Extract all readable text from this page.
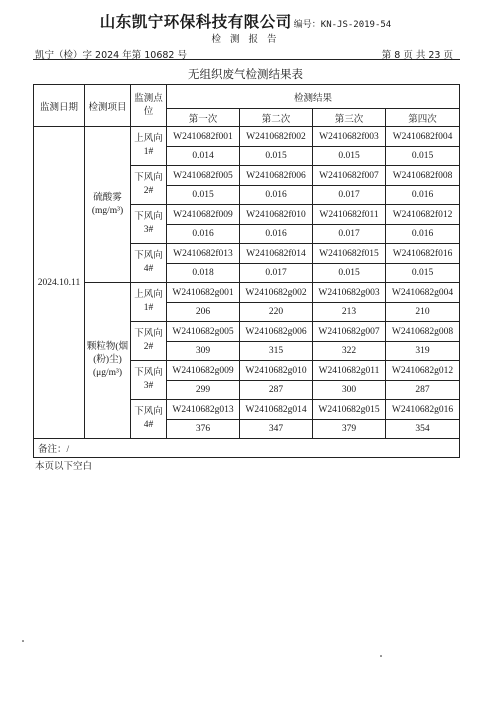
山东凯宁环保科技有限公司 编号：KN-JS-2019-54
检 测 报 告
凯宁（检）字 2024 年第 10682 号	第 8 页 共 23 页
无组织废气检测结果表
监测日期	检测项目	监测点位	检测结果			
			第一次	第二次	第三次	第四次
2024.10.11	硫酸雾(mg/m³)	上风向 1#	W2410682f001	W2410682f002	W2410682f003	W2410682f004
			0.014	0.015	0.015	0.015
		下风向 2#	W2410682f005	W2410682f006	W2410682f007	W2410682f008
			0.015	0.016	0.017	0.016
		下风向 3#	W2410682f009	W2410682f010	W2410682f011	W2410682f012
			0.016	0.016	0.017	0.016
		下风向 4#	W2410682f013	W2410682f014	W2410682f015	W2410682f016
			0.018	0.017	0.015	0.015
	颗粒物(烟(粉)尘)(μg/m³)	上风向 1#	W2410682g001	W2410682g002	W2410682g003	W2410682g004
			206	220	213	210
		下风向 2#	W2410682g005	W2410682g006	W2410682g007	W2410682g008
			309	315	322	319
		下风向 3#	W2410682g009	W2410682g010	W2410682g011	W2410682g012
			299	287	300	287
		下风向 4#	W2410682g013	W2410682g014	W2410682g015	W2410682g016
			376	347	379	354
备注：/						
本页以下空白
